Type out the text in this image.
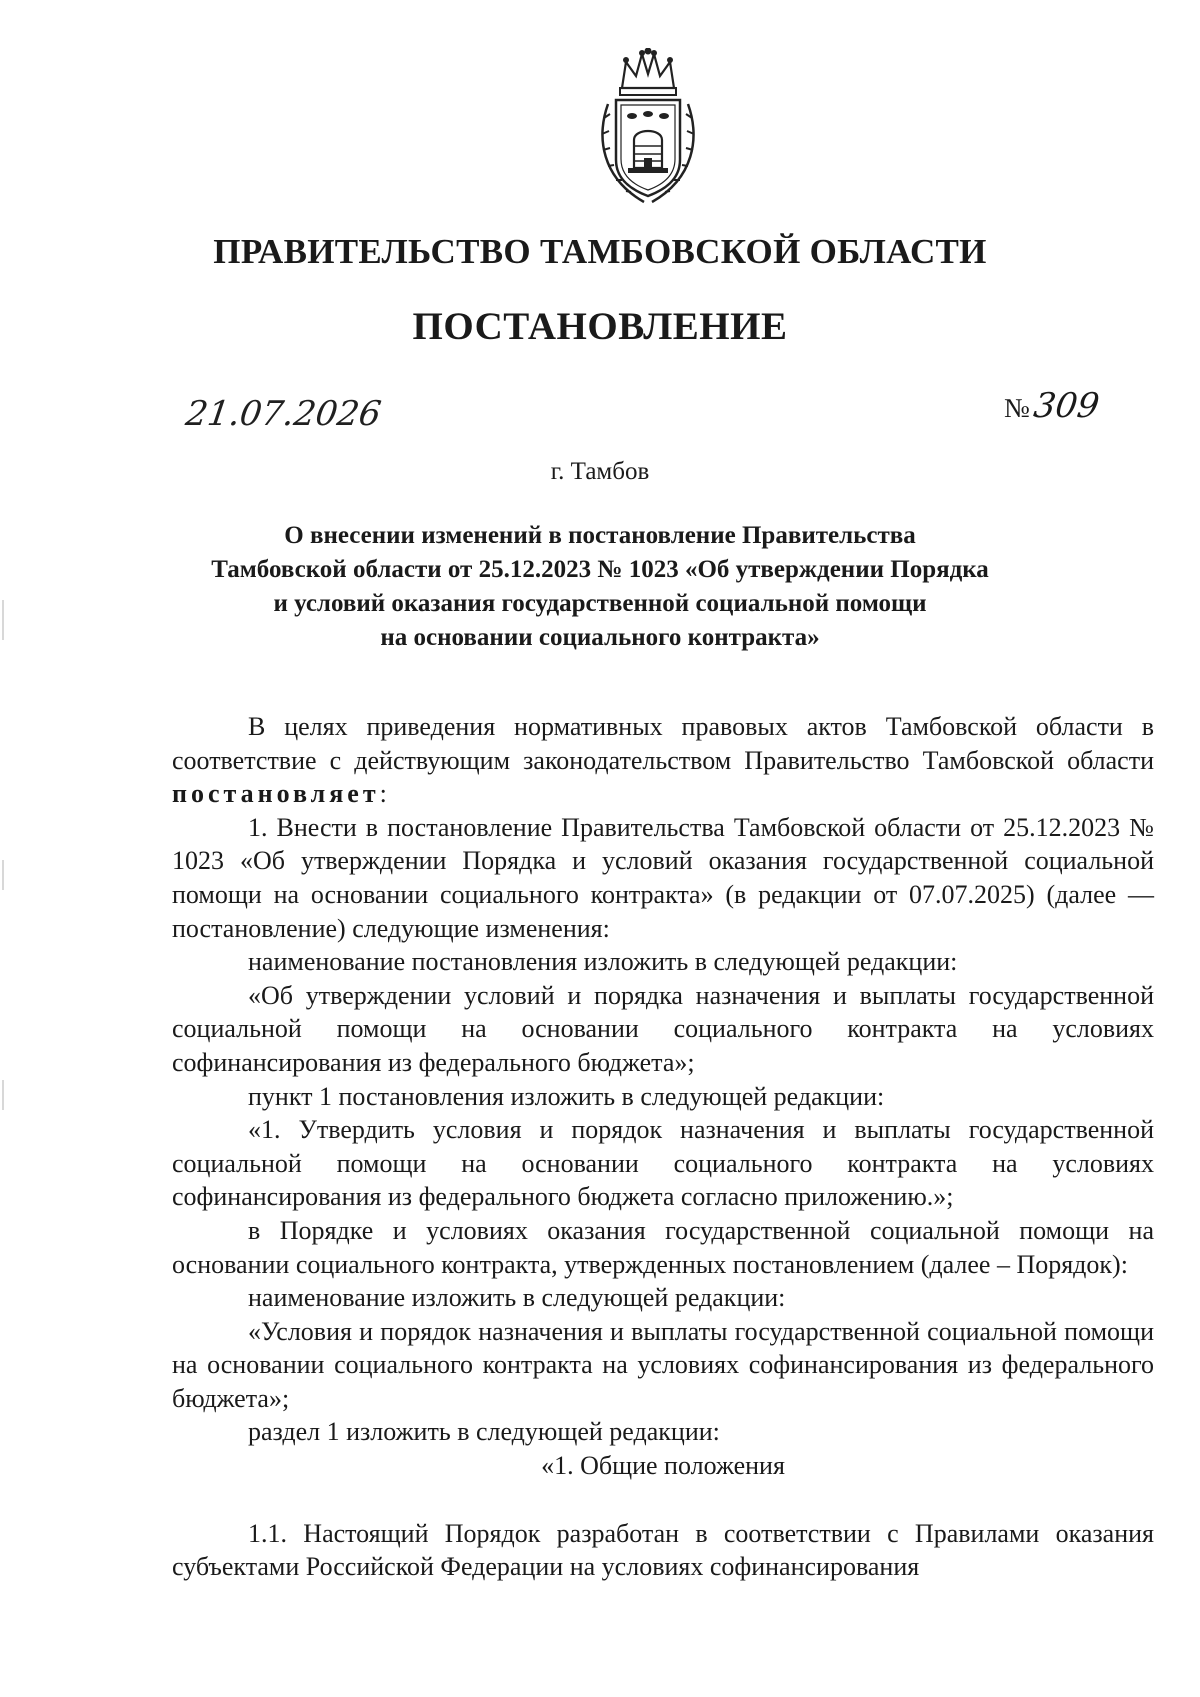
ПРАВИТЕЛЬСТВО ТАМБОВСКОЙ ОБЛАСТИ
ПОСТАНОВЛЕНИЕ
21.07.2026	№309
г. Тамбов
О внесении изменений в постановление Правительства
Тамбовской области от 25.12.2023 № 1023 «Об утверждении Порядка
и условий оказания государственной социальной помощи
на основании социального контракта»

В целях приведения нормативных правовых актов Тамбовской области в соответствие с действующим законодательством Правительство Тамбовской области постановляет:

1. Внести в постановление Правительства Тамбовской области от 25.12.2023 № 1023 «Об утверждении Порядка и условий оказания государственной социальной помощи на основании социального контракта» (в редакции от 07.07.2025) (далее — постановление) следующие изменения:

наименование постановления изложить в следующей редакции:

«Об утверждении условий и порядка назначения и выплаты государственной социальной помощи на основании социального контракта на условиях софинансирования из федерального бюджета»;

пункт 1 постановления изложить в следующей редакции:

«1. Утвердить условия и порядок назначения и выплаты государственной социальной помощи на основании социального контракта на условиях софинансирования из федерального бюджета согласно приложению.»;

в Порядке и условиях оказания государственной социальной помощи на основании социального контракта, утвержденных постановлением (далее – Порядок):

наименование изложить в следующей редакции:

«Условия и порядок назначения и выплаты государственной социальной помощи на основании социального контракта на условиях софинансирования из федерального бюджета»;

раздел 1 изложить в следующей редакции:

«1. Общие положения

1.1. Настоящий Порядок разработан в соответствии с Правилами оказания субъектами Российской Федерации на условиях софинансирования
